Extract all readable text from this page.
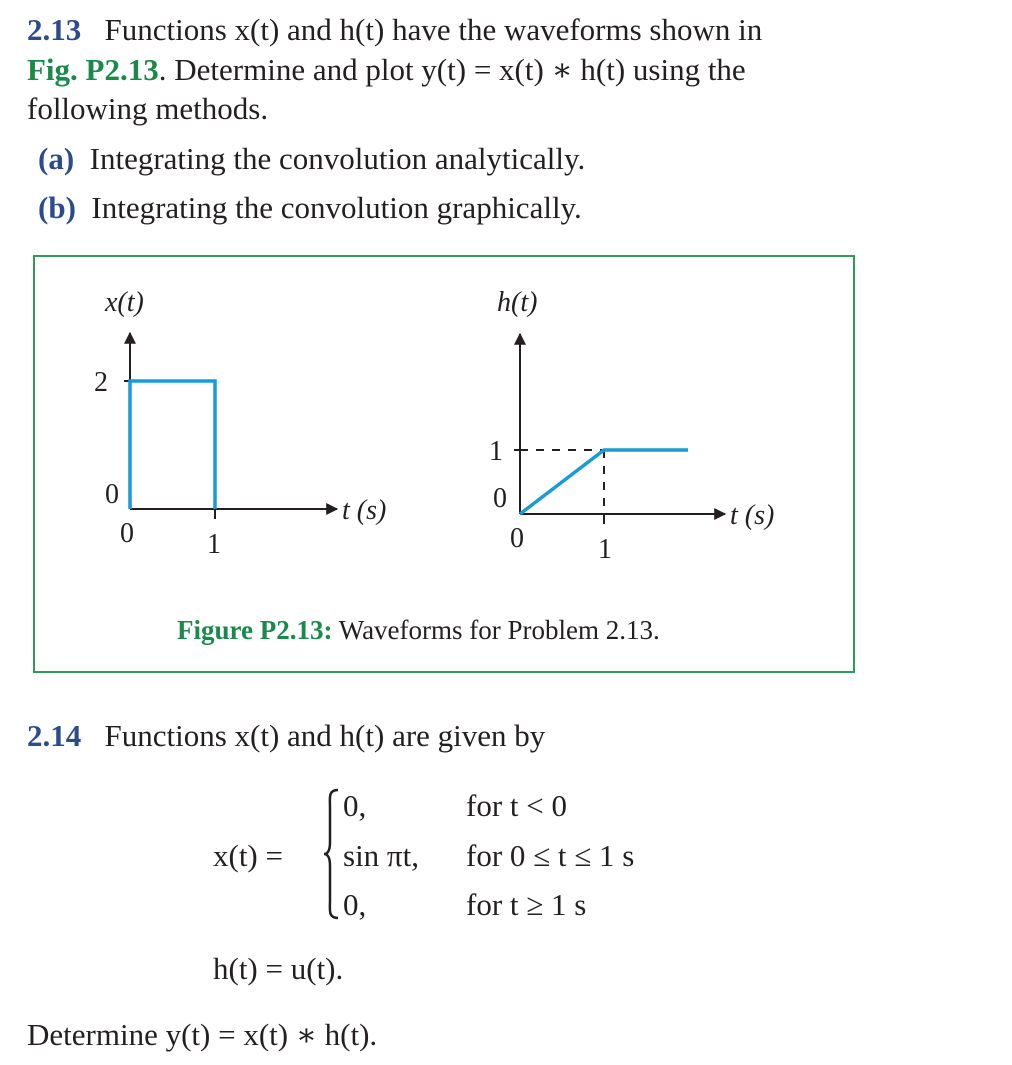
2.13 Functions x(t) and h(t) have the waveforms shown in
Fig. P2.13. Determine and plot y(t) = x(t) ∗ h(t) using the
following methods.
(a) Integrating the convolution analytically.
(b) Integrating the convolution graphically.
x(t)
2
0
0	1
t (s)
h(t)
1
0
0	1
t (s)
Figure P2.13: Waveforms for Problem 2.13.
2.14 Functions x(t) and h(t) are given by
x(t) =
0,	for t < 0
sin πt, for 0 ≤ t ≤ 1 s
0,	for t ≥ 1 s
h(t) = u(t).
Determine y(t) = x(t) ∗ h(t).
